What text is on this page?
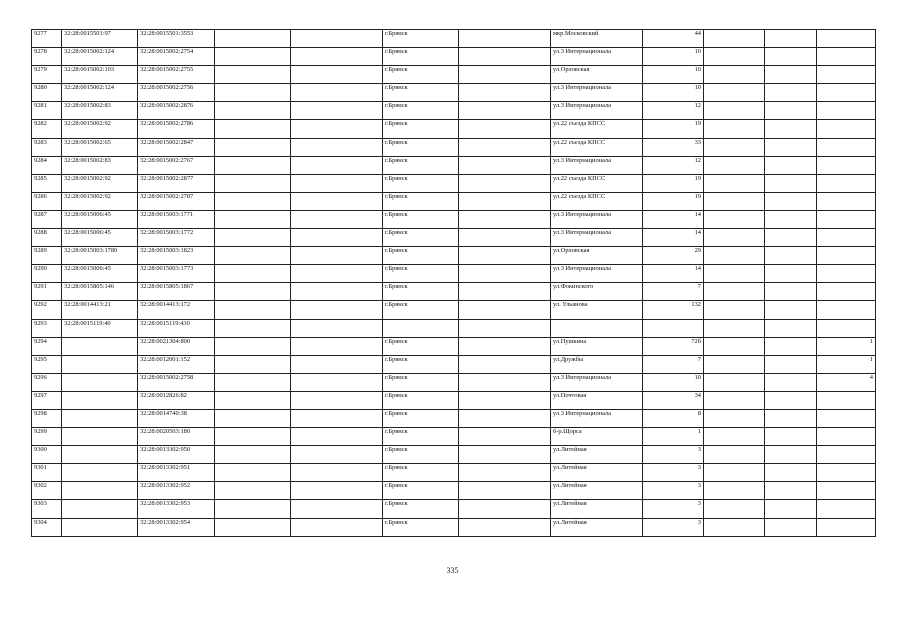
9277	32:28:0015501:97	32:28:0015501:3553			г.Брянск		мкр.Московский	44			
9278	32:28:0015002:124	32:28:0015002:2754			г.Брянск		ул.3 Интернационала	10			
9279	32:28:0015002:103	32:28:0015002:2755			г.Брянск		ул.Орловская	10			
9280	32:28:0015002:124	32:28:0015002:2756			г.Брянск		ул.3 Интернационала	10			
9281	32:28:0015002:83	32:28:0015002:2876			г.Брянск		ул.3 Интернационала	12			
9282	32:28:0015002:92	32:28:0015002:2786			г.Брянск		ул.22 съезда КПСС	19			
9283	32:28:0015002:65	32:28:0015002:2847			г.Брянск		ул.22 съезда КПСС	33			
9284	32:28:0015002:83	32:28:0015002:2767			г.Брянск		ул.3 Интернационала	12			
9285	32:28:0015002:92	32:28:0015002:2877			г.Брянск		ул.22 съезда КПСС	19			
9286	32:28:0015002:92	32:28:0015002:2787			г.Брянск		ул.22 съезда КПСС	19			
9287	32:28:0015006:45	32:28:0015003:1771			г.Брянск		ул.3 Интернационала	14			
9288	32:28:0015006:45	32:28:0015003:1772			г.Брянск		ул.3 Интернационала	14			
9289	32:28:0015003:1780	32:28:0015003:1823			г.Брянск		ул.Орловская	29			
9290	32:28:0015006:45	32:28:0015003:1773			г.Брянск		ул.3 Интернационала	14			
9291	32:28:0015805:146	32:28:0015805:1867			г.Брянск		ул.Фокинского	7			
9292	32:28:0014413:21	32:28:0014413:172			г.Брянск		ул. Ульянова	132			
9293	32:28:0015119:40	32:28:0015119:430									
9294		32:28:0021304:800			г.Брянск		ул.Пушкина	72б			1
9295		32:28:0012001:152			г.Брянск		ул.Дружбы	7			1
9296		32:28:0015002:2758			г.Брянск		ул.3 Интернационала	10			4
9297		32:28:0012826:82			г.Брянск		ул.Почтовая	34			
9298		32:28:0014740:38			г.Брянск		ул.3 Интернационала	8			
9299		32:28:0020503:180			г.Брянск		б-р.Щорса	1			
9300		32:28:0013302:950			г.Брянск		ул.Литейная	3			
9301		32:28:0013302:951			г.Брянск		ул.Литейная	3			
9302		32:28:0013302:952			г.Брянск		ул.Литейная	3			
9303		32:28:0013302:953			г.Брянск		ул.Литейная	3			
9304		32:28:0013302:954			г.Брянск		ул.Литейная	3			
335
